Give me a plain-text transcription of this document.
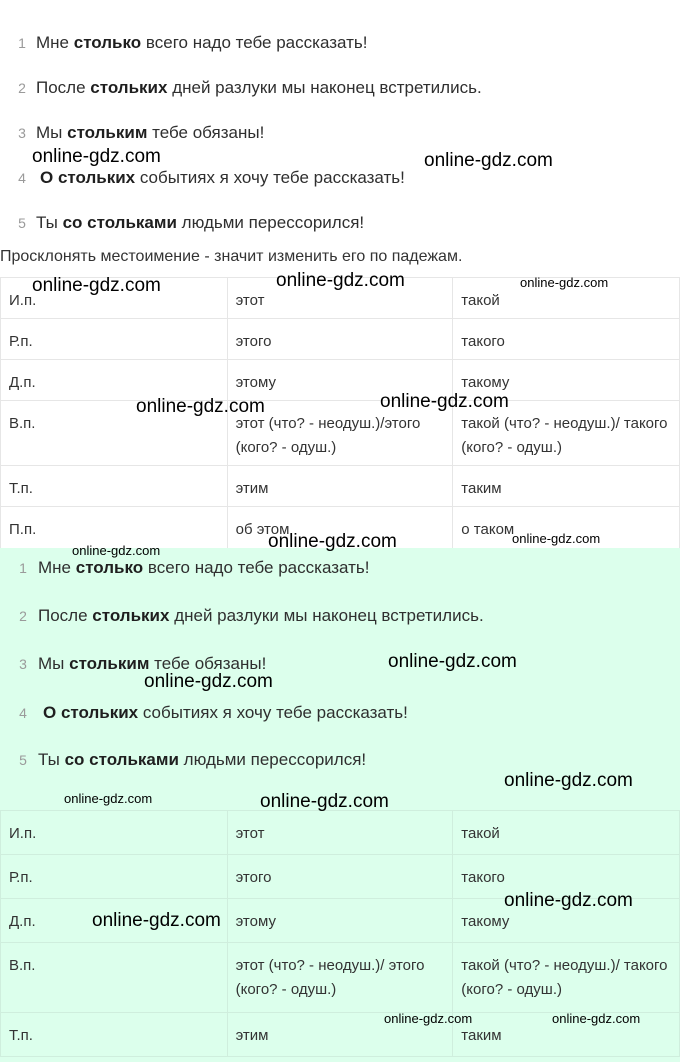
1 Мне столько всего надо тебе рассказать!
2 После стольких дней разлуки мы наконец встретились.
3 Мы стольким тебе обязаны!
4 О стольких событиях я хочу тебе рассказать!
5 Ты со стольками людьми перессорился!
Просклонять местоимение - значит изменить его по падежам.
И.п.	этот	такой
Р.п.	этого	такого
Д.п.	этому	такому
В.п.	этот (что? - неодуш.)/этого (кого? - одуш.)	такой (что? - неодуш.)/ такого (кого? - одуш.)
Т.п.	этим	таким
П.п.	об этом	о таком
1 Мне столько всего надо тебе рассказать!
2 После стольких дней разлуки мы наконец встретились.
3 Мы стольким тебе обязаны!
4 О стольких событиях я хочу тебе рассказать!
5 Ты со стольками людьми перессорился!
И.п.	этот	такой
Р.п.	этого	такого
Д.п.	этому	такому
В.п.	этот (что? - неодуш.)/ этого (кого? - одуш.)	такой (что? - неодуш.)/ такого (кого? - одуш.)
Т.п.	этим	таким
online-gdz.com	online-gdz.com
online-gdz.com
online-gdz.com	online-gdz.com
online-gdz.com	online-gdz.com
online-gdz.com
online-gdz.com
online-gdz.com
online-gdz.com
online-gdz.com
online-gdz.com
online-gdz.com	online-gdz.com
online-gdz.com
online-gdz.com
online-gdz.com	online-gdz.com
